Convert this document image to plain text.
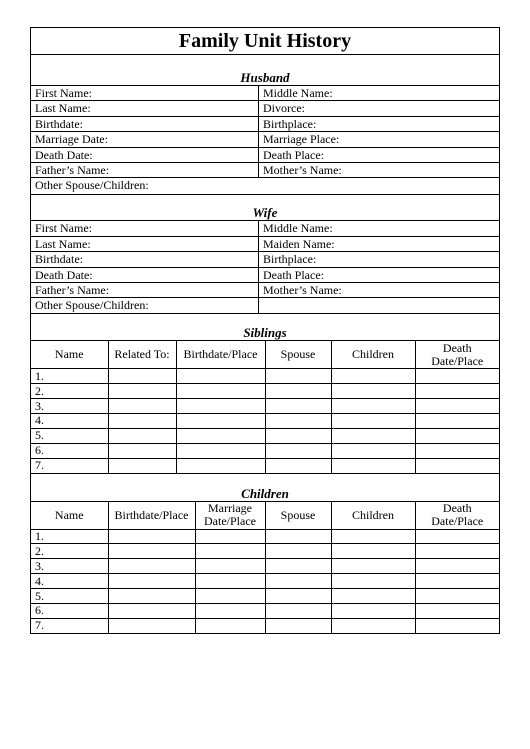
Family Unit History
Husband
First Name:	Middle Name:
Last Name:	Divorce:
Birthdate:	Birthplace:
Marriage Date:	Marriage Place:
Death Date:	Death Place:
Father’s Name:	Mother’s Name:
Other Spouse/Children:
Wife
First Name:	Middle Name:
Last Name:	Maiden Name:
Birthdate:	Birthplace:
Death Date:	Death Place:
Father’s Name:	Mother’s Name:
Other Spouse/Children:
Siblings
Name	Related To:	Birthdate/Place	Spouse	Children	Death Date/Place
1.					
2.					
3.					
4.					
5.					
6.					
7.					
Children
Name	Birthdate/Place	Marriage Date/Place	Spouse	Children	Death Date/Place
1.					
2.					
3.					
4.					
5.					
6.					
7.					
